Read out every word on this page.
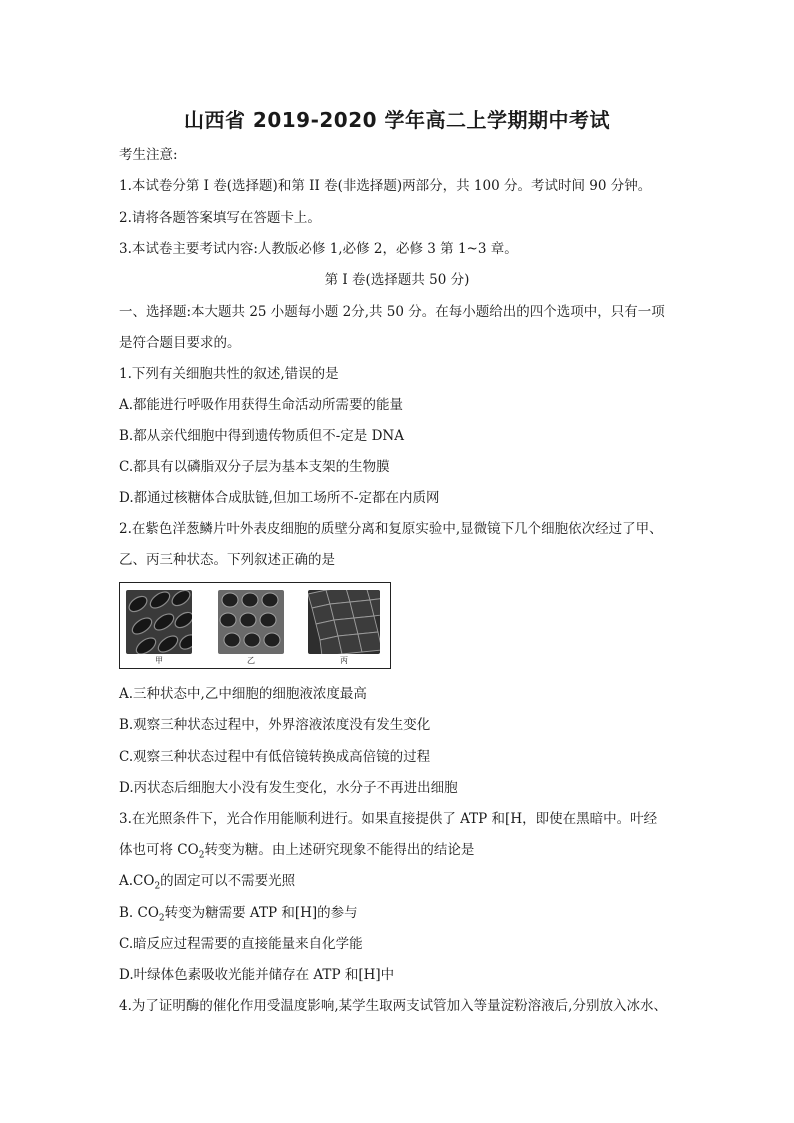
山西省 2019-2020 学年高二上学期期中考试
考生注意:
1.本试卷分第 I 卷(选择题)和第 II 卷(非选择题)两部分，共 100 分。考试时间 90 分钟。
2.请将各题答案填写在答题卡上。
3.本试卷主要考试内容:人教版必修 1,必修 2，必修 3 第 1~3 章。
第 I 卷(选择题共 50 分)
一、选择题:本大题共 25 小题每小题 2分,共 50 分。在每小题给出的四个选项中，只有一项
是符合题目要求的。
1.下列有关细胞共性的叙述,错误的是
A.都能进行呼吸作用获得生命活动所需要的能量
B.都从亲代细胞中得到遗传物质但不-定是 DNA
C.都具有以磷脂双分子层为基本支架的生物膜
D.都通过核糖体合成肽链,但加工场所不-定都在内质网
2.在紫色洋葱鳞片叶外表皮细胞的质壁分离和复原实验中,显微镜下几个细胞依次经过了甲、
乙、丙三种状态。下列叙述正确的是
甲	乙	丙
A.三种状态中,乙中细胞的细胞液浓度最高
B.观察三种状态过程中，外界溶液浓度没有发生变化
C.观察三种状态过程中有低倍镜转换成高倍镜的过程
D.丙状态后细胞大小没有发生变化，水分子不再进出细胞
3.在光照条件下，光合作用能顺利进行。如果直接提供了 ATP 和[H，即使在黑暗中。叶经
体也可将 $CO_2$转变为糖。由上述研究现象不能得出的结论是
$A.CO_2$的固定可以不需要光照
B. $CO_2$转变为糖需要 ATP 和[H]的参与
C.暗反应过程需要的直接能量来自化学能
D.叶绿体色素吸收光能并储存在 ATP 和[H]中
4.为了证明酶的催化作用受温度影响,某学生取两支试管加入等量淀粉溶液后,分别放入冰水、
